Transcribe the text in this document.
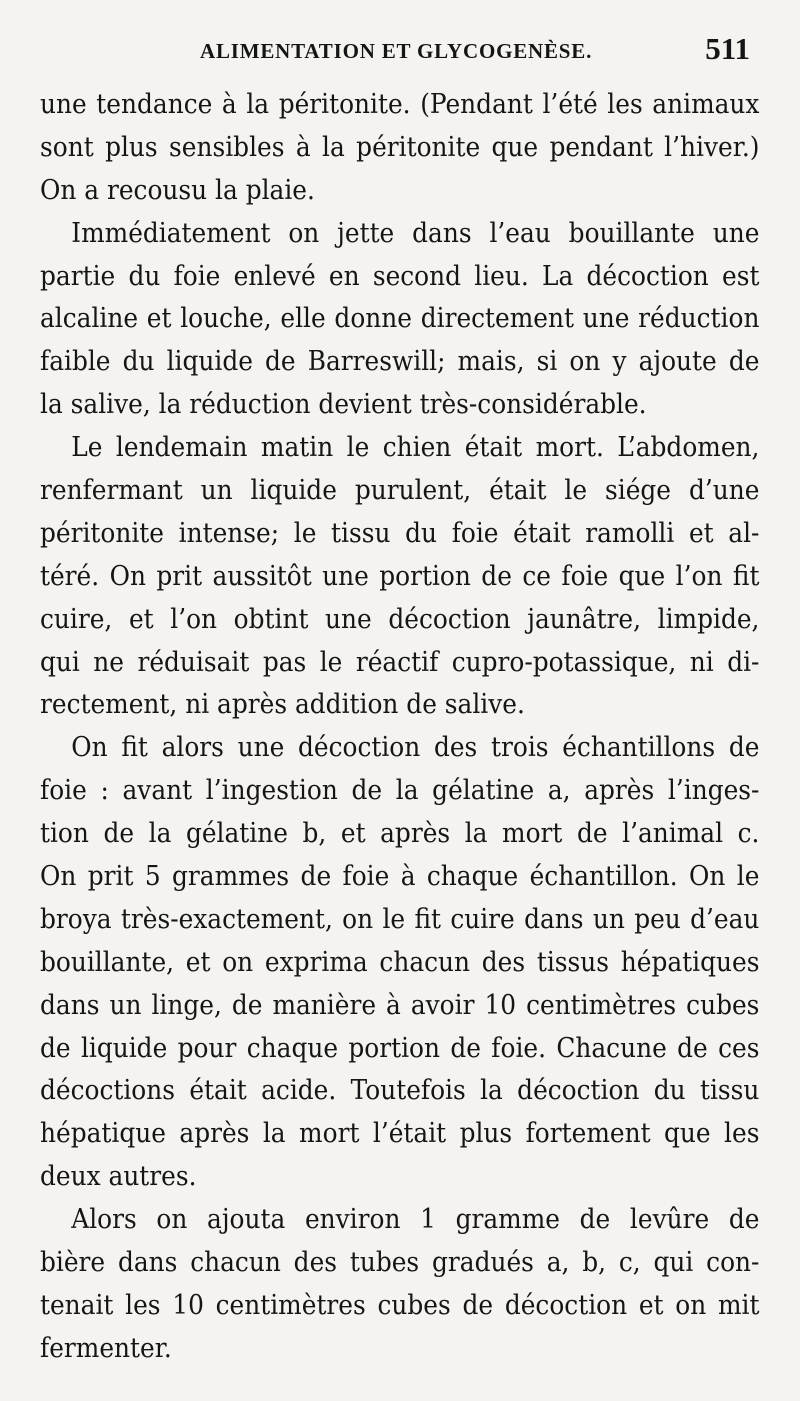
ALIMENTATION ET GLYCOGENÈSE.	511
une tendance à la péritonite. (Pendant l’été les animaux
sont plus sensibles à la péritonite que pendant l’hiver.)
On a recousu la plaie.
Immédiatement on jette dans l’eau bouillante une
partie du foie enlevé en second lieu. La décoction est
alcaline et louche, elle donne directement une réduction
faible du liquide de Barreswill; mais, si on y ajoute de
la salive, la réduction devient très-considérable.
Le lendemain matin le chien était mort. L’abdomen,
renfermant un liquide purulent, était le siége d’une
péritonite intense; le tissu du foie était ramolli et al-
téré. On prit aussitôt une portion de ce foie que l’on fit
cuire, et l’on obtint une décoction jaunâtre, limpide,
qui ne réduisait pas le réactif cupro-potassique, ni di-
rectement, ni après addition de salive.
On fit alors une décoction des trois échantillons de
foie : avant l’ingestion de la gélatine a, après l’inges-
tion de la gélatine b, et après la mort de l’animal c.
On prit 5 grammes de foie à chaque échantillon. On le
broya très-exactement, on le fit cuire dans un peu d’eau
bouillante, et on exprima chacun des tissus hépatiques
dans un linge, de manière à avoir 10 centimètres cubes
de liquide pour chaque portion de foie. Chacune de ces
décoctions était acide. Toutefois la décoction du tissu
hépatique après la mort l’était plus fortement que les
deux autres.
Alors on ajouta environ 1 gramme de levûre de
bière dans chacun des tubes gradués a, b, c, qui con-
tenait les 10 centimètres cubes de décoction et on mit
fermenter.
